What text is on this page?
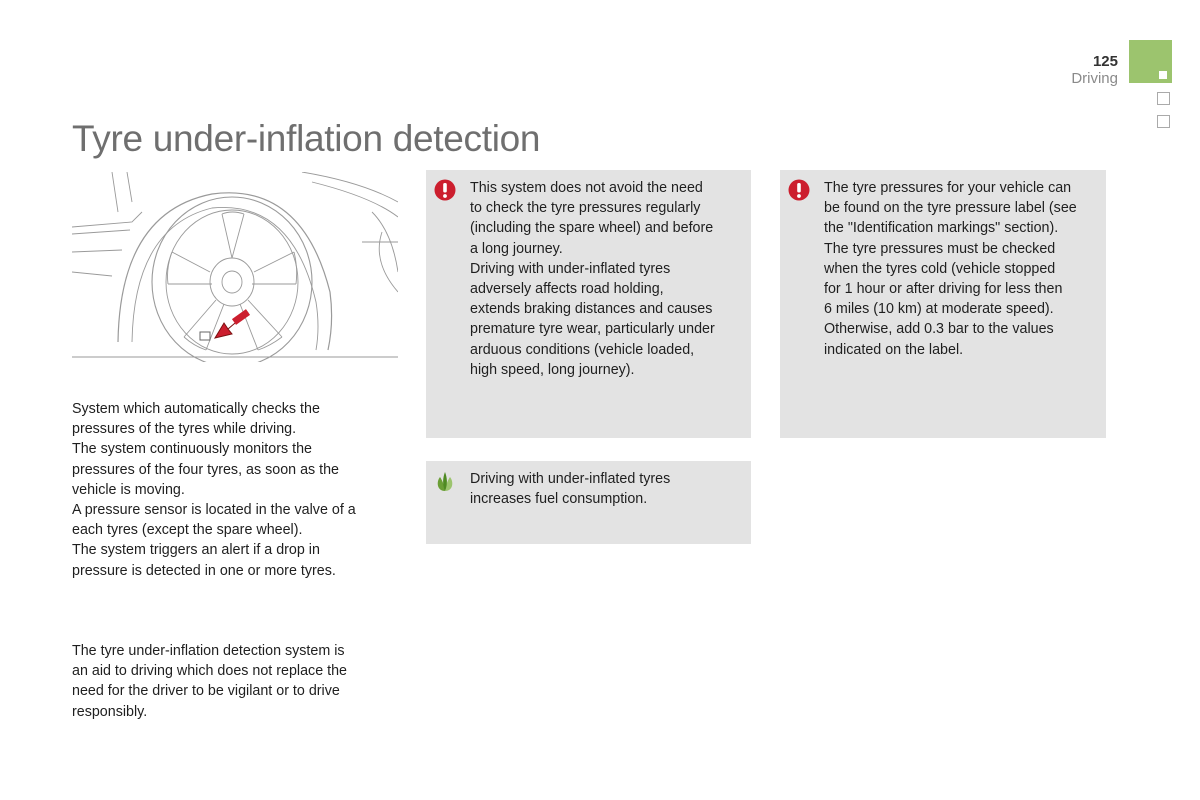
125
Driving
Tyre under-inflation detection

System which automatically checks the

pressures of the tyres while driving.

The system continuously monitors the

pressures of the four tyres, as soon as the

vehicle is moving.

A pressure sensor is located in the valve of a

each tyres (except the spare wheel).

The system triggers an alert if a drop in

pressure is detected in one or more tyres.

The tyre under-inflation detection system is

an aid to driving which does not replace the

need for the driver to be vigilant or to drive

responsibly.

This system does not avoid the need

to check the tyre pressures regularly

(including the spare wheel) and before

a long journey.

Driving with under-inflated tyres

adversely affects road holding,

extends braking distances and causes

premature tyre wear, particularly under

arduous conditions (vehicle loaded,

high speed, long journey).

The tyre pressures for your vehicle can

be found on the tyre pressure label (see

the "Identification markings" section).

The tyre pressures must be checked

when the tyres cold (vehicle stopped

for 1 hour or after driving for less then

6 miles (10 km) at moderate speed).

Otherwise, add 0.3 bar to the values

indicated on the label.

Driving with under-inflated tyres

increases fuel consumption.
